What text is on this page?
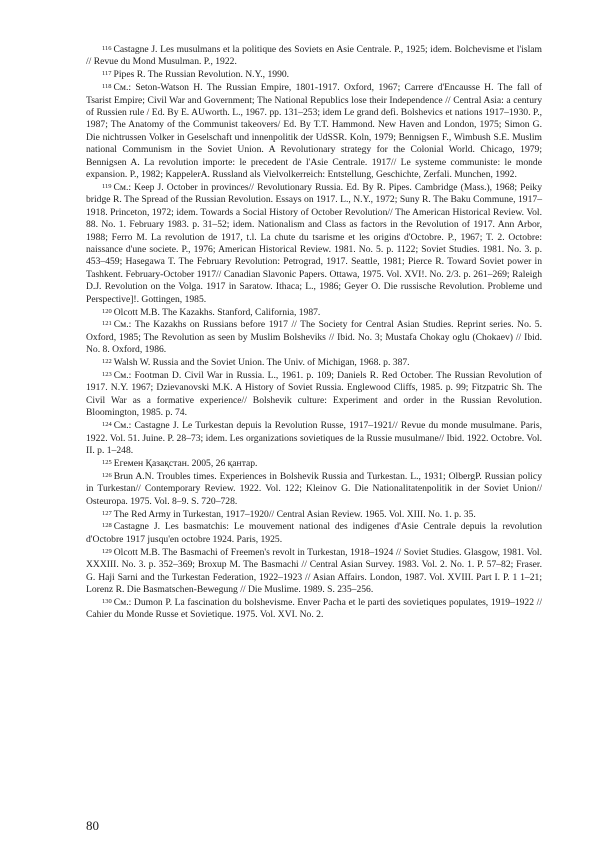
$^{116}$ Castagne J. Les musulmans et la politique des Soviets en Asie Centrale. P., 1925; idem. Bolchevisme et l'islam // Revue du Mond Musulman. P., 1922.

$^{117}$ Pipes R. The Russian Revolution. N.Y., 1990.

$^{118}$ См.: Seton-Watson H. The Russian Empire, 1801-1917. Oxford, 1967; Carrere d'Encausse H. The fall of Tsarist Empire; Civil War and Government; The National Republics lose their Independence // Central Asia: a century of Russien rule / Ed. By E. AUworth. L., 1967. pp. 131–253; idem Le grand defi. Bolshevics et nations 1917–1930. P., 1987; The Anatomy of the Communist takeovers/ Ed. By T.T. Hammond. New Haven and London, 1975; Simon G. Die nichtrussen Volker in Geselschaft und innenpolitik der UdSSR. Koln, 1979; Bennigsen F., Wimbush S.E. Muslim national Communism in the Soviet Union. A Revolutionary strategy for the Colonial World. Chicago, 1979; Bennigsen A. La revolution importe: le precedent de l'Asie Centrale. 1917// Le systeme communiste: le monde expansion. P., 1982; KappelerA. Russland als Vielvolkerreich: Entstellung, Geschichte, Zerfali. Munchen, 1992.

$^{119}$ См.: Keep J. October in provinces// Revolutionary Russia. Ed. By R. Pipes. Cambridge (Mass.), 1968; Peiky bridge R. The Spread of the Russian Revolution. Essays on 1917. L., N.Y., 1972; Suny R. The Baku Commune, 1917–1918. Princeton, 1972; idem. Towards a Social History of October Revolution// The American Historical Review. Vol. 88. No. 1. February 1983. p. 31–52; idem. Nationalism and Class as factors in the Revolution of 1917. Ann Arbor, 1988; Ferro M. La revolution de 1917, t.l. La chute du tsarisme et les origins d'Octobre. P., 1967; T. 2. Octobre: naissance d'une societe. P., 1976; American Historical Review. 1981. No. 5. p. 1122; Soviet Studies. 1981. No. 3. p. 453–459; Hasegawa T. The February Revolution: Petrograd, 1917. Seattle, 1981; Pierce R. Toward Soviet power in Tashkent. February-October 1917// Canadian Slavonic Papers. Ottawa, 1975. Vol. XVI!. No. 2/3. p. 261–269; Raleigh D.J. Revolution on the Volga. 1917 in Saratow. Ithaca; L., 1986; Geyer O. Die russische Revolution. Probleme und Perspective]!. Gottingen, 1985.

$^{120}$ Olcott M.B. The Kazakhs. Stanford, California, 1987.

$^{121}$ См.: The Kazakhs on Russians before 1917 // The Society for Central Asian Studies. Reprint series. No. 5. Oxford, 1985; The Revolution as seen by Muslim Bolsheviks // Ibid. No. 3; Mustafa Chokay oglu (Chokaev) // Ibid. No. 8. Oxford, 1986.

$^{122}$ Walsh W. Russia and the Soviet Union. The Univ. of Michigan, 1968. p. 387.

$^{123}$ См.: Footman D. Civil War in Russia. L., 1961. p. 109; Daniels R. Red October. The Russian Revolution of 1917. N.Y. 1967; Dzievanovski M.K. A History of Soviet Russia. Englewood Cliffs, 1985. p. 99; Fitzpatric Sh. The Civil War as a formative experience// Bolshevik culture: Experiment and order in the Russian Revolution. Bloomington, 1985. p. 74.

$^{124}$ См.: Castagne J. Le Turkestan depuis la Revolution Russe, 1917–1921// Revue du monde musulmane. Paris, 1922. Vol. 51. Juine. P. 28–73; idem. Les organizations sovietiques de la Russie musulmane// Ibid. 1922. Octobre. Vol. II. p. 1–248.

$^{125}$ Егемен Қазақстан. 2005, 26 қантар.

$^{126}$ Brun A.N. Troubles times. Experiences in Bolshevik Russia and Turkestan. L., 1931; OlbergP. Russian policy in Turkestan// Contemporary Review. 1922. Vol. 122; Kleinov G. Die Nationalitatenpolitik in der Soviet Union// Osteuropa. 1975. Vol. 8–9. S. 720–728.

$^{127}$ The Red Army in Turkestan, 1917–1920// Central Asian Review. 1965. Vol. XIII. No. 1. p. 35.

$^{128}$ Castagne J. Les basmatchis: Le mouvement national des indigenes d'Asie Centrale depuis la revolution d'Octobre 1917 jusqu'en octobre 1924. Paris, 1925.

$^{129}$ Olcott M.B. The Basmachi of Freemen's revolt in Turkestan, 1918–1924 // Soviet Studies. Glasgow, 1981. Vol. XXXIII. No. 3. p. 352–369; Broxup M. The Basmachi // Central Asian Survey. 1983. Vol. 2. No. 1. P. 57–82; Fraser. G. Haji Sarni and the Turkestan Federation, 1922–1923 // Asian Affairs. London, 1987. Vol. XVIII. Part I. P. 1 1–21; Lorenz R. Die Basmatschen-Bewegung // Die Muslime. 1989. S. 235–256.

$^{130}$ См.: Dumon P. La fascination du bolshevisme. Enver Pacha et le parti des sovietiques populates, 1919–1922 // Cahier du Monde Russe et Sovietique. 1975. Vol. XVI. No. 2.

80
